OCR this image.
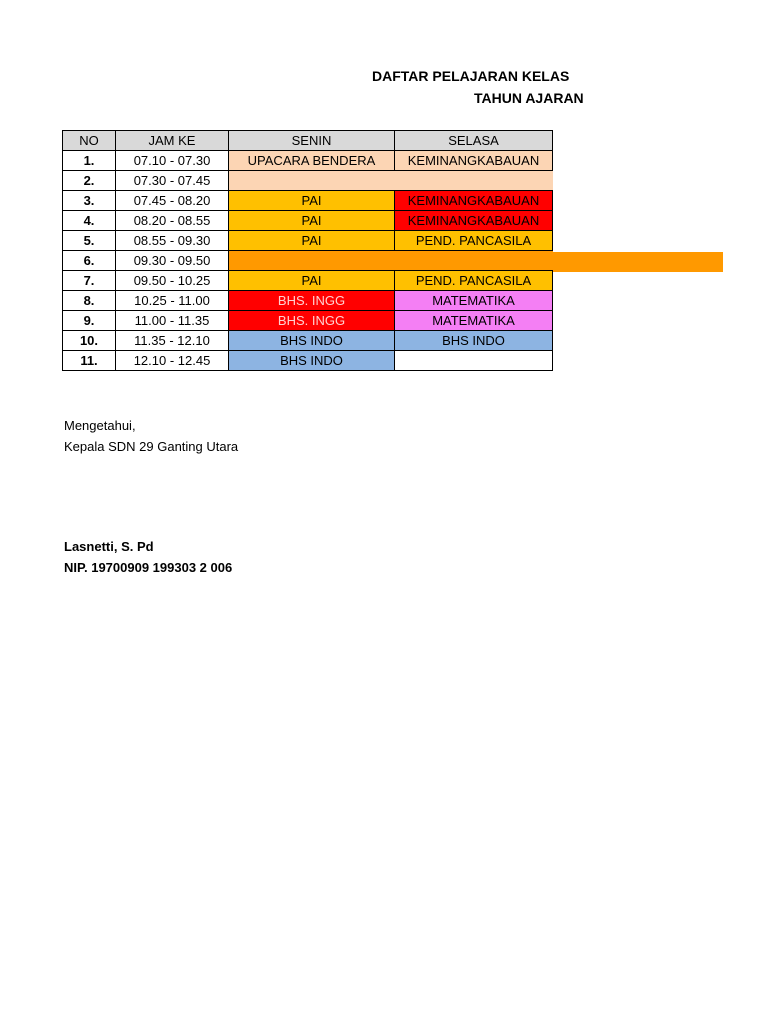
DAFTAR PELAJARAN KELAS
TAHUN AJARAN
NO	JAM KE	SENIN	SELASA
1.	07.10 - 07.30	UPACARA BENDERA	KEMINANGKABAUAN
2.	07.30 - 07.45		
3.	07.45 - 08.20	PAI	KEMINANGKABAUAN
4.	08.20 - 08.55	PAI	KEMINANGKABAUAN
5.	08.55 - 09.30	PAI	PEND. PANCASILA
6.	09.30 - 09.50		
7.	09.50 - 10.25	PAI	PEND. PANCASILA
8.	10.25 - 11.00	BHS. INGG	MATEMATIKA
9.	11.00 - 11.35	BHS. INGG	MATEMATIKA
10.	11.35 - 12.10	BHS INDO	BHS INDO
11.	12.10 - 12.45	BHS INDO	
Mengetahui,
Kepala SDN 29 Ganting Utara
Lasnetti, S. Pd
NIP. 19700909 199303 2 006
